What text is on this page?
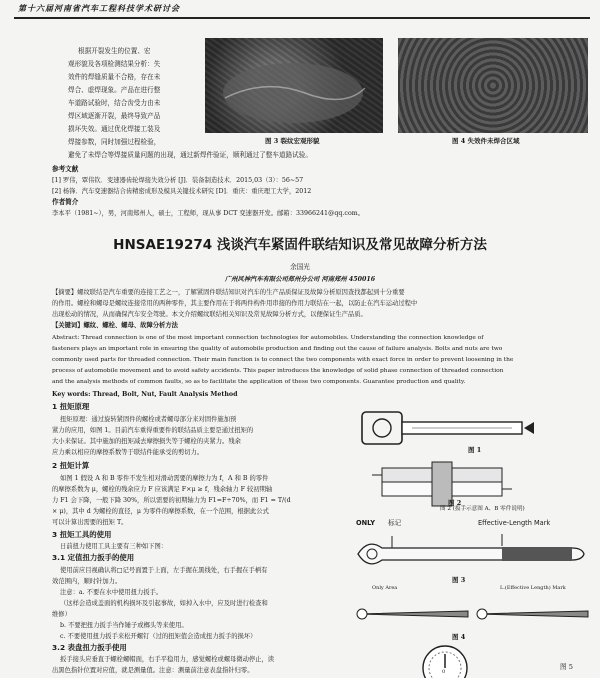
第十六届河南省汽车工程科技学术研讨会
根据开裂发生的位置、宏
观形貌及各项检测结果分析：失
效件的焊缝质量不合格，存在未
焊合、虚焊现象。产品在进行整
车道路试验时，结合齿受力由未
焊区域逐渐开裂，最终导致产品
损坏失效。通过优化焊接工装及
焊接参数，同时加强过程检验，
避免了未焊合等焊接质量问题的出现，通过新焊件验证，顺利通过了整车道路试验。
图 3 裂纹宏观形貌	图 4 失效件未焊合区域
参考文献
[1] 罗伟，覃伟钦．变速器齿轮焊接失效分析 [J]．装备制造技术．2015,03（3）：56~57
[2] 杨锋．汽车变速器结合齿精密成形及模具关键技术研究 [D]．重庆：重庆理工大学，2012
作者简介
李本平（1981~），男，河南郑州人，硕士，工程师，现从事 DCT 变速器开发。邮箱：33966241@qq.com。
HNSAE19274 浅谈汽车紧固件联结知识及常见故障分析方法
余国光
广州风神汽车有限公司郑州分公司 河南郑州 450016
【摘要】螺纹联结是汽车重要的连接工艺之一，了解紧固件联结知识对汽车的生产品质保证及故障分析原因查找都起到十分重要
的作用。螺栓和螺母是螺纹连接常用的两种零件，其主要作用在于将两件构件用串接的作用力联结在一起，以防止在汽车运动过程中
出现松动的情况，从而确保汽车安全驾驶。本文介绍螺纹联结相关知识及常见故障分析方式，以便保证生产品质。
【关键词】螺纹、螺栓、螺母、故障分析方法
Abstract: Thread connection is one of the most important connection technologies for automobiles. Understanding the connection knowledge of
fasteners plays an important role in ensuring the quality of automobile production and finding out the cause of failure analysis. Bolts and nuts are two
commonly used parts for threaded connection. Their main function is to connect the two components with exact force in order to prevent loosening in the
process of automobile movement and to avoid safety accidents. This paper introduces the knowledge of solid phase connection of threaded connection
and the analysis methods of common faults, so as to facilitate the application of these two components. Guarantee production and quality.
Key words: Thread, Bolt, Nut, Fault Analysis Method
1 扭矩原理
扭矩原理：通过旋转紧固件的螺栓或者螺母部分来对固件施加预
紧力的应用，如图 1。目前汽车重得重要件的联结品质主要是通过扭矩的
大小来保证。其中施加的扭矩减去摩擦损失等于螺栓的夹紧力。残余
应力乘以相应的摩擦系数等于联结件能承受的剪切力。
2 扭矩计算
如图 1 假设 A 和 B 零件不发生相对滑动需要的摩擦力为 f，A 和 B 的零件
的摩擦系数为 μ，螺栓的残余应力 F 应该满足 F×μ ≥ f，残余轴力 F 较初期轴
力 F1 会下降，一般下降 30%，所以需要的初期轴力为 F1=F÷70%，而 F1 = T/(d
× μ)，其中 d 为螺栓的直径，μ 为零件的摩擦系数，在一个范围，根据此公式
可以计算出需要的扭矩 T。
3 扭矩工具的使用
日前扭力使用工具主要有三种如下图：
3.1 定值扭力扳手的使用
使用前应目视确认将□记号面置于上面，左手握在黑线处，右手握在手柄有
效范围内，顺时针加力。
注意：a. 不要在水中使用扭力扳手。
（这样会造成盖面的机构损坏及引起事故，如掉入水中，应及时进行检查和
维修）
b. 不要把扭力扳手当作锤子或榔头等来使用。
c. 不要使用扭力扳手来松开螺钉（过的扭矩值会造成扭力扳手的损坏）
3.2 表盘扭力扳手使用
扳手接头应垂直于螺栓螺帽面，右手平稳用力，感觉螺栓或螺母微动停止，读
出黑色指针位置对应值，就是测量值。注意：测量前注意表盘指针归零。
图 1
图 2 (扳手示意图 A、B 零件说明)
图 2
ONLY 标记	Effective-Length Mark
图 3
Only Area	L.(Effective Length) Mark
图 4
0
图 5
